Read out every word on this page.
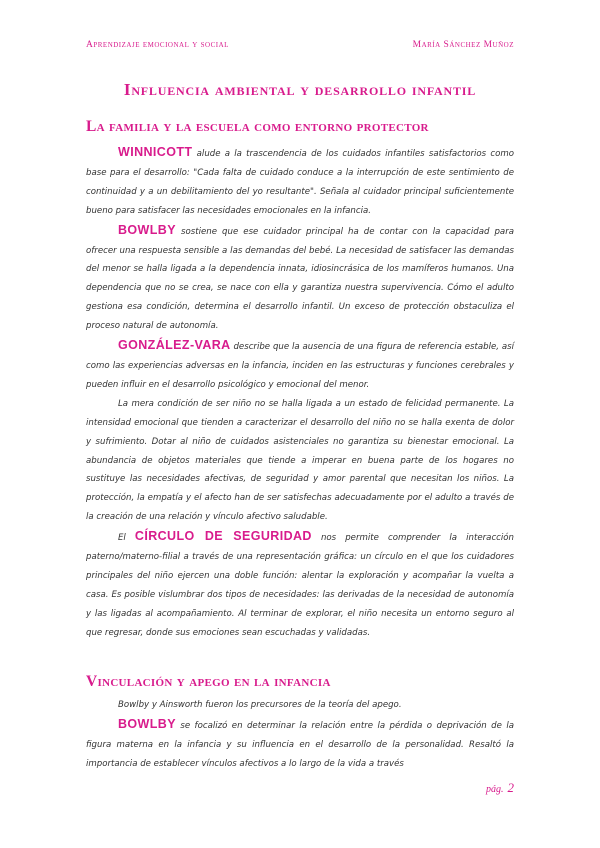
Aprendizaje emocional y social	María Sánchez Muñoz
Influencia ambiental y desarrollo infantil
La familia y la escuela como entorno protector

WINNICOTT alude a la trascendencia de los cuidados infantiles satisfactorios como base para el desarrollo: "Cada falta de cuidado conduce a la interrupción de este sentimiento de continuidad y a un debilitamiento del yo resultante". Señala al cuidador principal suficientemente bueno para satisfacer las necesidades emocionales en la infancia.

BOWLBY sostiene que ese cuidador principal ha de contar con la capacidad para ofrecer una respuesta sensible a las demandas del bebé. La necesidad de satisfacer las demandas del menor se halla ligada a la dependencia innata, idiosincrásica de los mamíferos humanos. Una dependencia que no se crea, se nace con ella y garantiza nuestra supervivencia. Cómo el adulto gestiona esa condición, determina el desarrollo infantil. Un exceso de protección obstaculiza el proceso natural de autonomía.

GONZÁLEZ-VARA describe que la ausencia de una figura de referencia estable, así como las experiencias adversas en la infancia, inciden en las estructuras y funciones cerebrales y pueden influir en el desarrollo psicológico y emocional del menor.

La mera condición de ser niño no se halla ligada a un estado de felicidad permanente. La intensidad emocional que tienden a caracterizar el desarrollo del niño no se halla exenta de dolor y sufrimiento. Dotar al niño de cuidados asistenciales no garantiza su bienestar emocional. La abundancia de objetos materiales que tiende a imperar en buena parte de los hogares no sustituye las necesidades afectivas, de seguridad y amor parental que necesitan los niños. La protección, la empatía y el afecto han de ser satisfechas adecuadamente por el adulto a través de la creación de una relación y vínculo afectivo saludable.

El CÍRCULO DE SEGURIDAD nos permite comprender la interacción paterno/materno-filial a través de una representación gráfica: un círculo en el que los cuidadores principales del niño ejercen una doble función: alentar la exploración y acompañar la vuelta a casa. Es posible vislumbrar dos tipos de necesidades: las derivadas de la necesidad de autonomía y las ligadas al acompañamiento. Al terminar de explorar, el niño necesita un entorno seguro al que regresar, donde sus emociones sean escuchadas y validadas.

Vinculación y apego en la infancia

Bowlby y Ainsworth fueron los precursores de la teoría del apego.

BOWLBY se focalizó en determinar la relación entre la pérdida o deprivación de la figura materna en la infancia y su influencia en el desarrollo de la personalidad. Resaltó la importancia de establecer vínculos afectivos a lo largo de la vida a través

pág. 2
